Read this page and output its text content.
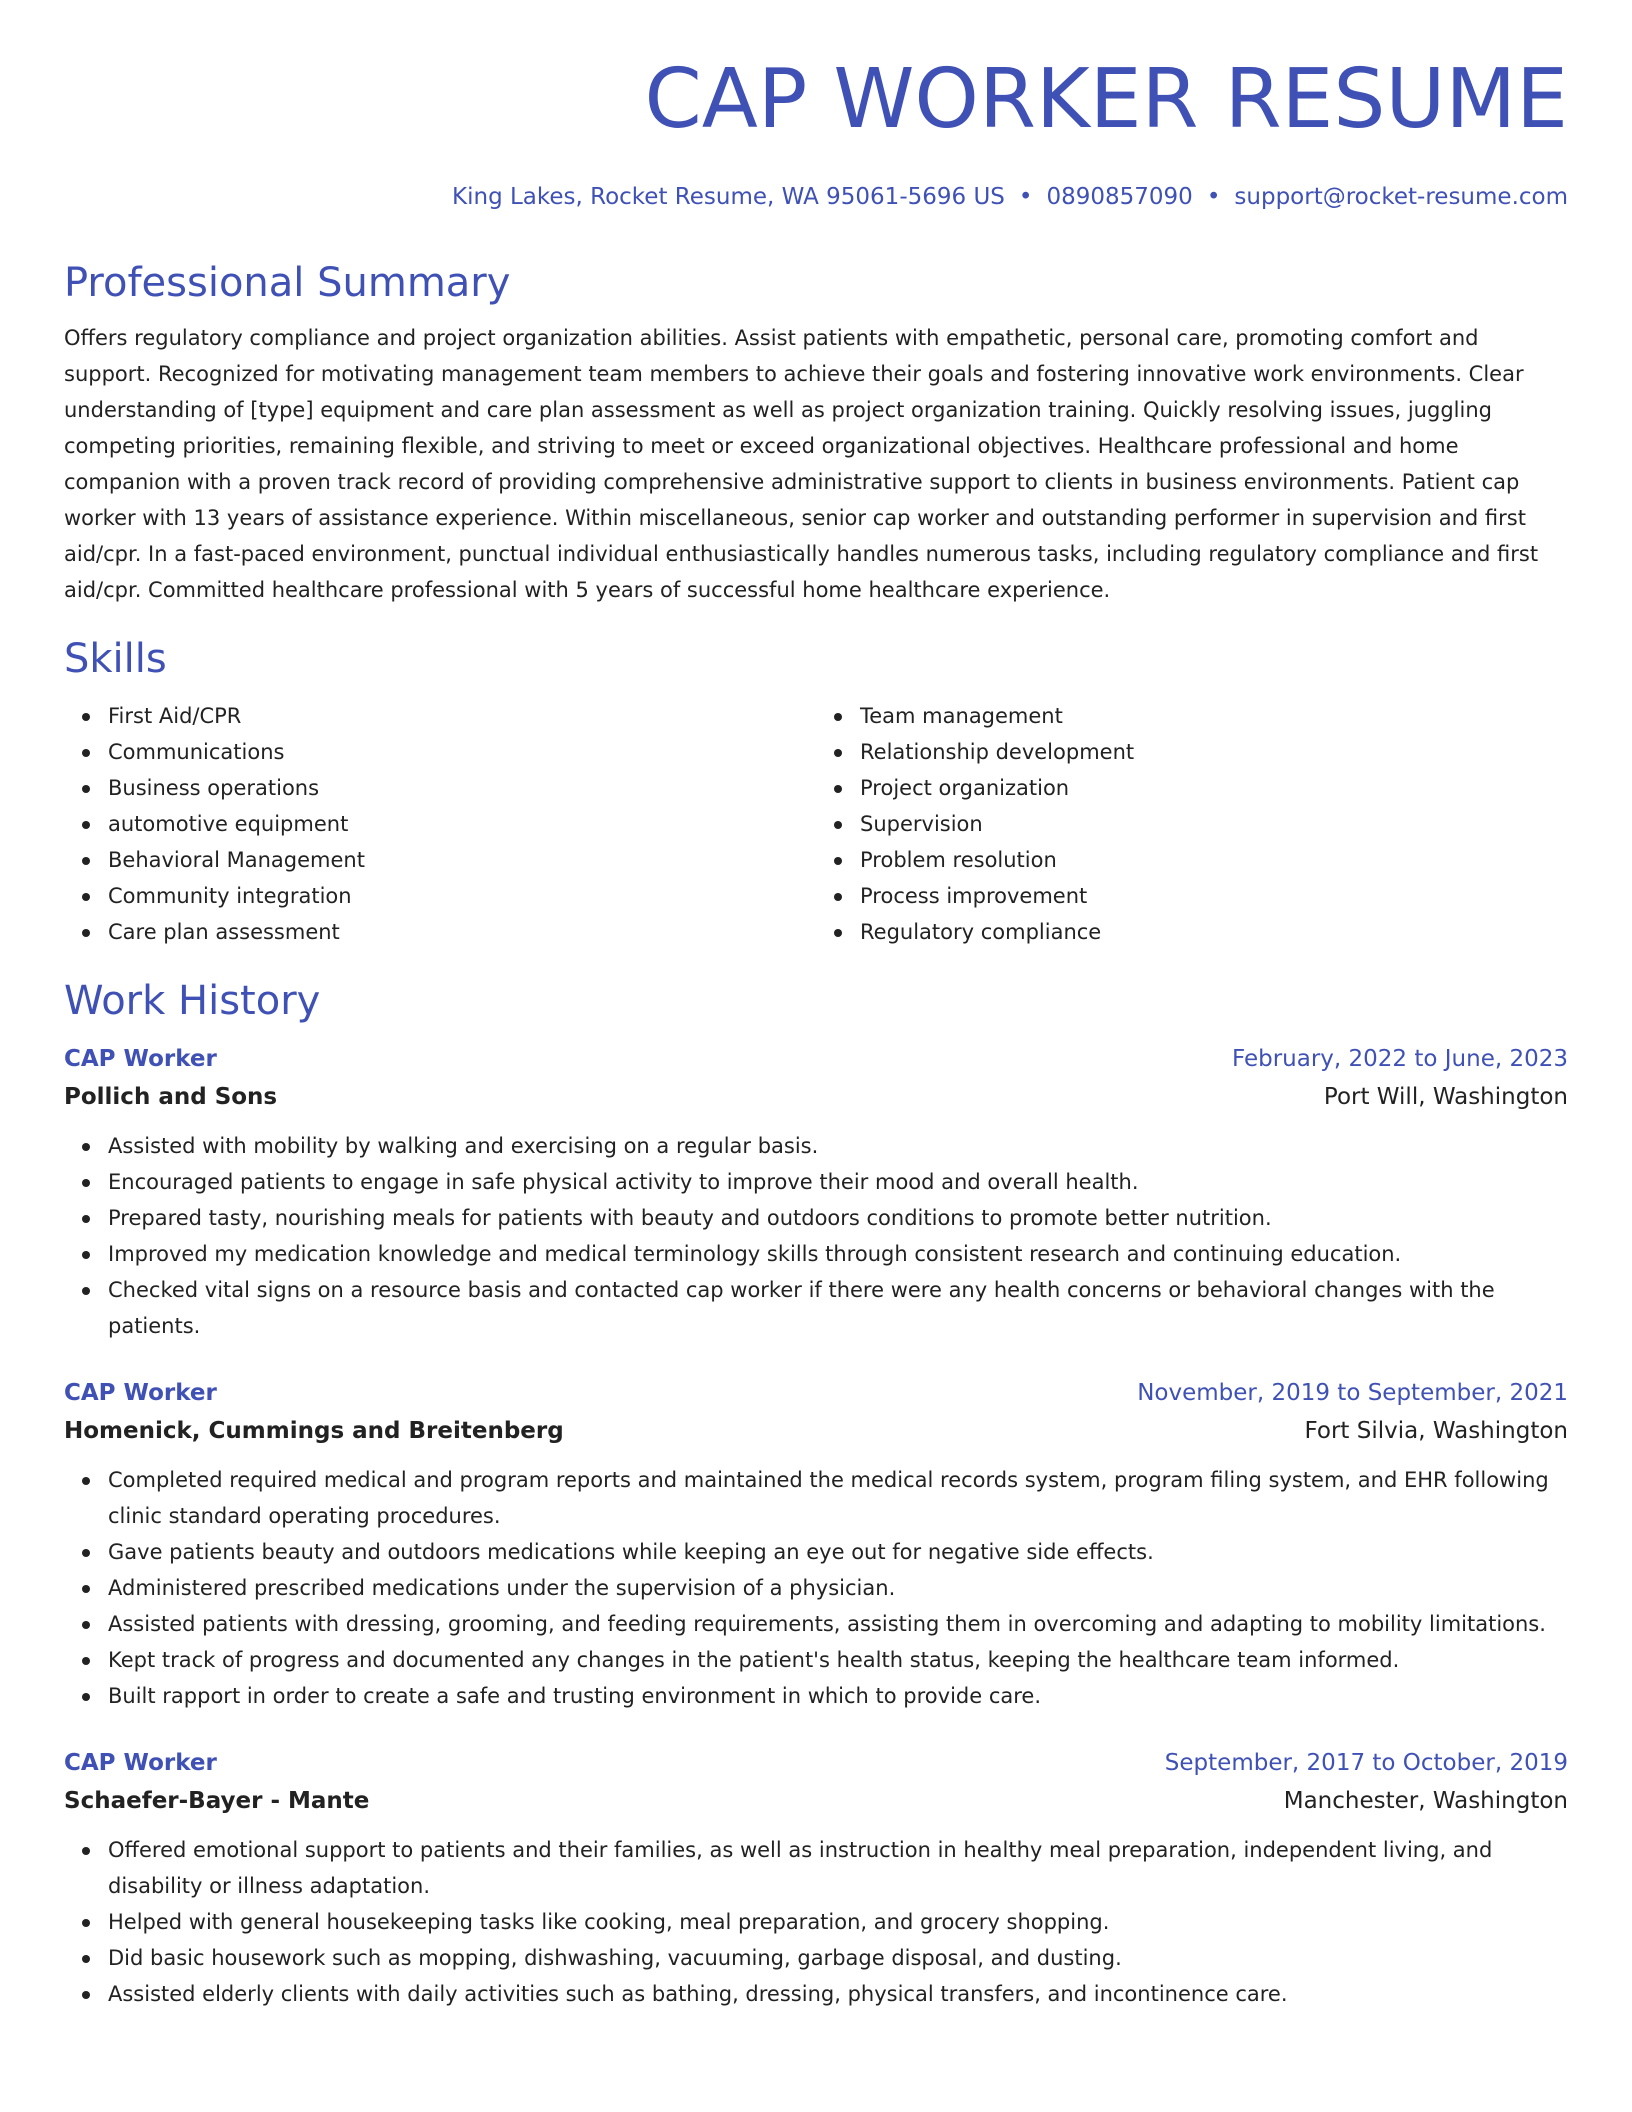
CAP WORKER RESUME
King Lakes, Rocket Resume, WA 95061-5696 US • 0890857090 • support@rocket-resume.com
Professional Summary

Offers regulatory compliance and project organization abilities. Assist patients with empathetic, personal care, promoting comfort and support. Recognized for motivating management team members to achieve their goals and fostering innovative work environments. Clear understanding of [type] equipment and care plan assessment as well as project organization training. Quickly resolving issues, juggling competing priorities, remaining flexible, and striving to meet or exceed organizational objectives. Healthcare professional and home companion with a proven track record of providing comprehensive administrative support to clients in business environments. Patient cap worker with 13 years of assistance experience. Within miscellaneous, senior cap worker and outstanding performer in supervision and first aid/cpr. In a fast-paced environment, punctual individual enthusiastically handles numerous tasks, including regulatory compliance and first aid/cpr. Committed healthcare professional with 5 years of successful home healthcare experience.

Skills
First Aid/CPR
Communications
Business operations
automotive equipment
Behavioral Management
Community integration
Care plan assessment
Team management
Relationship development
Project organization
Supervision
Problem resolution
Process improvement
Regulatory compliance
Work History
CAP Worker	February, 2022 to June, 2023
Pollich and Sons	Port Will, Washington
Assisted with mobility by walking and exercising on a regular basis.
Encouraged patients to engage in safe physical activity to improve their mood and overall health.
Prepared tasty, nourishing meals for patients with beauty and outdoors conditions to promote better nutrition.
Improved my medication knowledge and medical terminology skills through consistent research and continuing education.
Checked vital signs on a resource basis and contacted cap worker if there were any health concerns or behavioral changes with the patients.
CAP Worker	November, 2019 to September, 2021
Homenick, Cummings and Breitenberg	Fort Silvia, Washington
Completed required medical and program reports and maintained the medical records system, program filing system, and EHR following clinic standard operating procedures.
Gave patients beauty and outdoors medications while keeping an eye out for negative side effects.
Administered prescribed medications under the supervision of a physician.
Assisted patients with dressing, grooming, and feeding requirements, assisting them in overcoming and adapting to mobility limitations.
Kept track of progress and documented any changes in the patient's health status, keeping the healthcare team informed.
Built rapport in order to create a safe and trusting environment in which to provide care.
CAP Worker	September, 2017 to October, 2019
Schaefer-Bayer - Mante	Manchester, Washington
Offered emotional support to patients and their families, as well as instruction in healthy meal preparation, independent living, and disability or illness adaptation.
Helped with general housekeeping tasks like cooking, meal preparation, and grocery shopping.
Did basic housework such as mopping, dishwashing, vacuuming, garbage disposal, and dusting.
Assisted elderly clients with daily activities such as bathing, dressing, physical transfers, and incontinence care.
